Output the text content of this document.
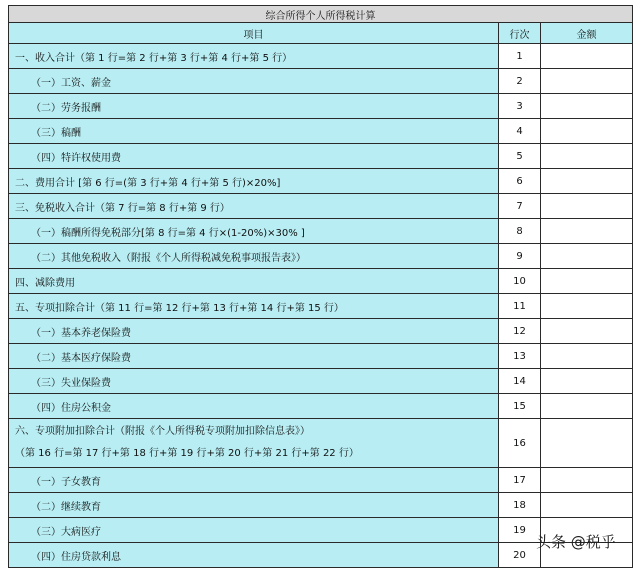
综合所得个人所得税计算		
项目	行次	金额
一、收入合计（第 1 行=第 2 行+第 3 行+第 4 行+第 5 行）	1	
（一）工资、薪金	2	
（二）劳务报酬	3	
（三）稿酬	4	
（四）特许权使用费	5	
二、费用合计 [第 6 行=(第 3 行+第 4 行+第 5 行)×20%]	6	
三、免税收入合计（第 7 行=第 8 行+第 9 行）	7	
（一）稿酬所得免税部分[第 8 行=第 4 行×(1-20%)×30% ]	8	
（二）其他免税收入（附报《个人所得税减免税事项报告表》）	9	
四、减除费用	10	
五、专项扣除合计（第 11 行=第 12 行+第 13 行+第 14 行+第 15 行）	11	
（一）基本养老保险费	12	
（二）基本医疗保险费	13	
（三）失业保险费	14	
（四）住房公积金	15	

六、专项附加扣除合计（附报《个人所得税专项附加扣除信息表》）
（第 16 行=第 17 行+第 18 行+第 19 行+第 20 行+第 21 行+第 22 行）	16	
（一）子女教育	17	
（二）继续教育	18	
（三）大病医疗	19	
（四）住房贷款利息	20	
头条 @税乎
